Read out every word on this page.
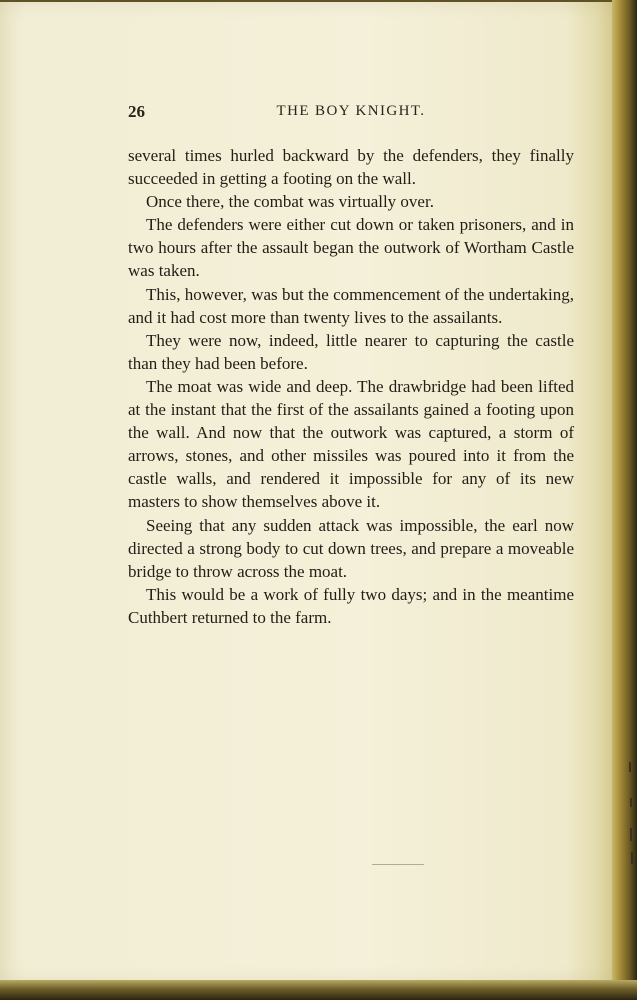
26	THE BOY KNIGHT.

several times hurled backward by the defenders, they finally succeeded in getting a footing on the wall.

Once there, the combat was virtually over.

The defenders were either cut down or taken prisoners, and in two hours after the assault began the outwork of Wortham Castle was taken.

This, however, was but the commencement of the undertaking, and it had cost more than twenty lives to the assailants.

They were now, indeed, little nearer to capturing the castle than they had been before.

The moat was wide and deep. The drawbridge had been lifted at the instant that the first of the assailants gained a footing upon the wall. And now that the outwork was captured, a storm of arrows, stones, and other missiles was poured into it from the castle walls, and rendered it impossible for any of its new masters to show themselves above it.

Seeing that any sudden attack was impossible, the earl now directed a strong body to cut down trees, and prepare a moveable bridge to throw across the moat.

This would be a work of fully two days; and in the meantime Cuthbert returned to the farm.
